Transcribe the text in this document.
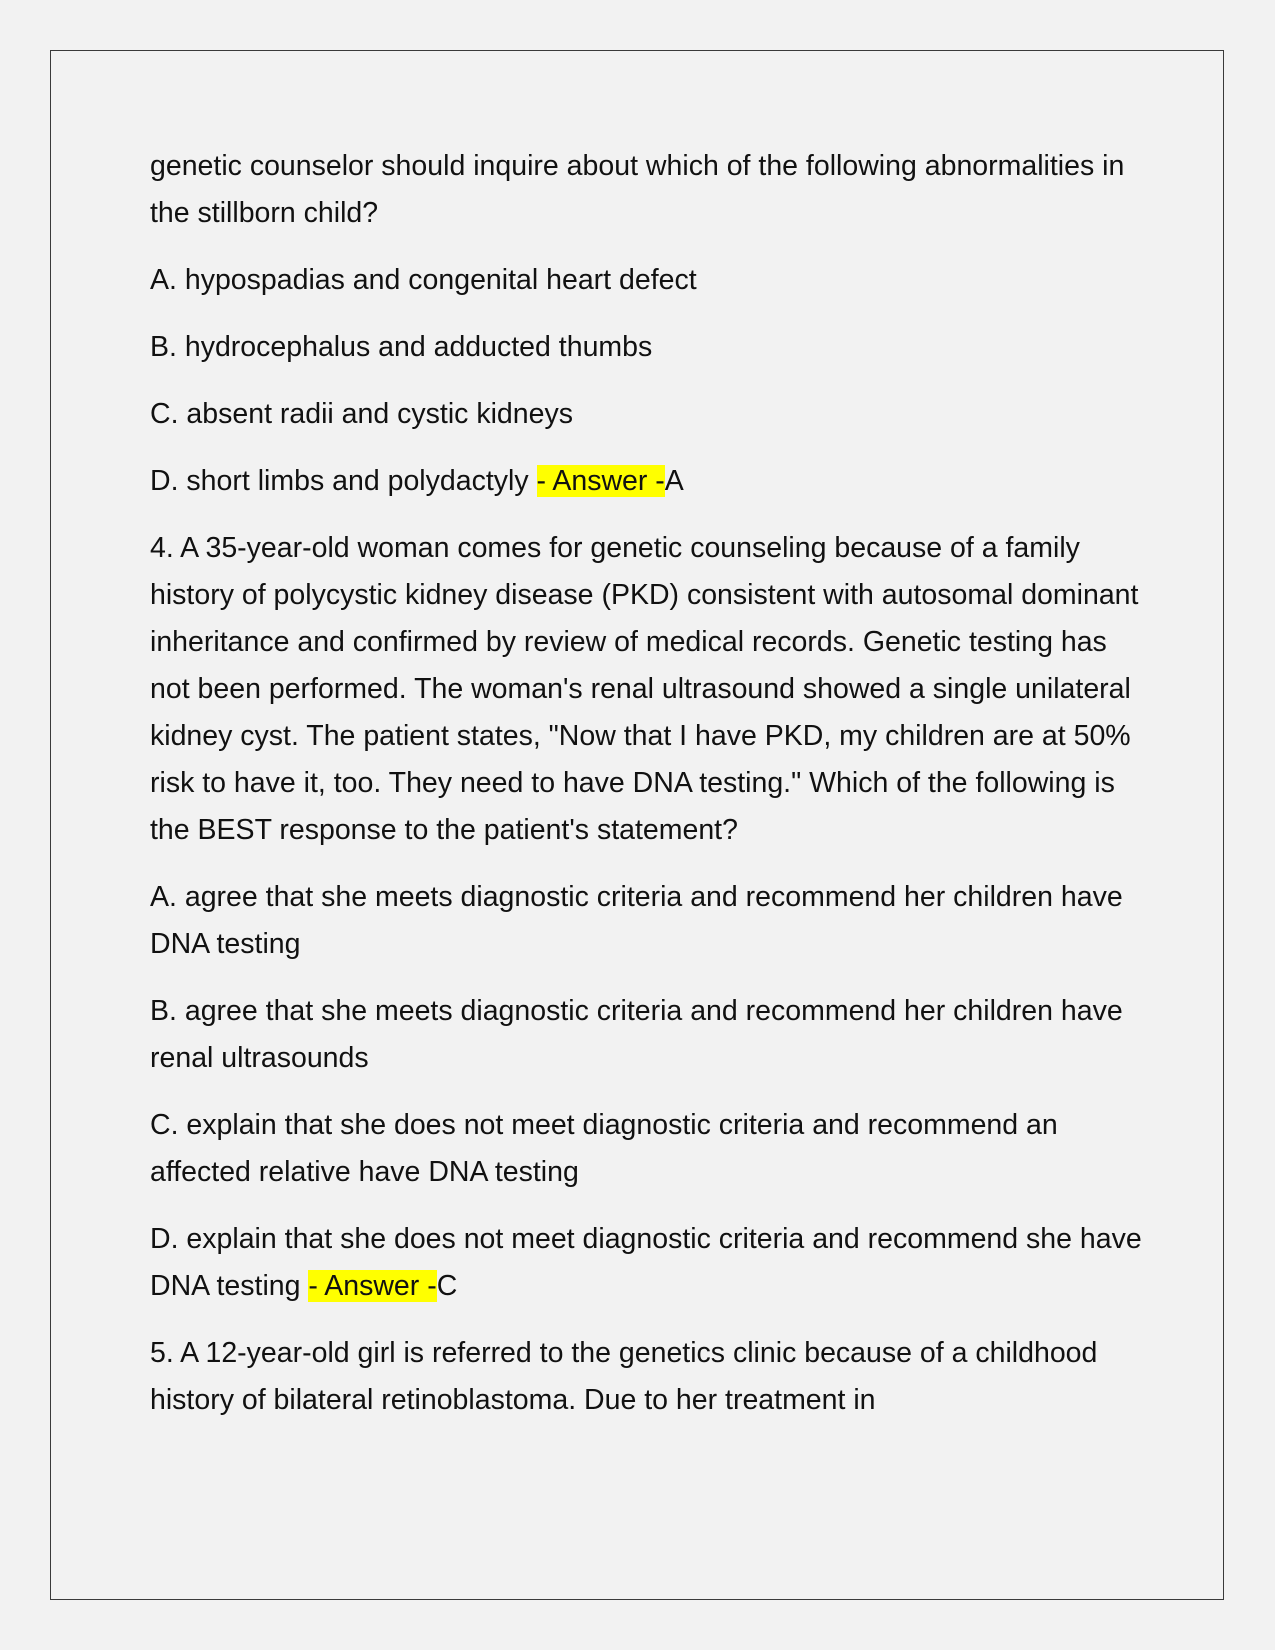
genetic counselor should inquire about which of the following abnormalities in the stillborn child?

A. hypospadias and congenital heart defect

B. hydrocephalus and adducted thumbs

C. absent radii and cystic kidneys

D. short limbs and polydactyly - Answer -A

4. A 35-year-old woman comes for genetic counseling because of a family history of polycystic kidney disease (PKD) consistent with autosomal dominant inheritance and confirmed by review of medical records. Genetic testing has not been performed. The woman's renal ultrasound showed a single unilateral kidney cyst. The patient states, "Now that I have PKD, my children are at 50% risk to have it, too. They need to have DNA testing." Which of the following is the BEST response to the patient's statement?

A. agree that she meets diagnostic criteria and recommend her children have DNA testing

B. agree that she meets diagnostic criteria and recommend her children have renal ultrasounds

C. explain that she does not meet diagnostic criteria and recommend an affected relative have DNA testing

D. explain that she does not meet diagnostic criteria and recommend she have DNA testing - Answer -C

5. A 12-year-old girl is referred to the genetics clinic because of a childhood history of bilateral retinoblastoma. Due to her treatment in
